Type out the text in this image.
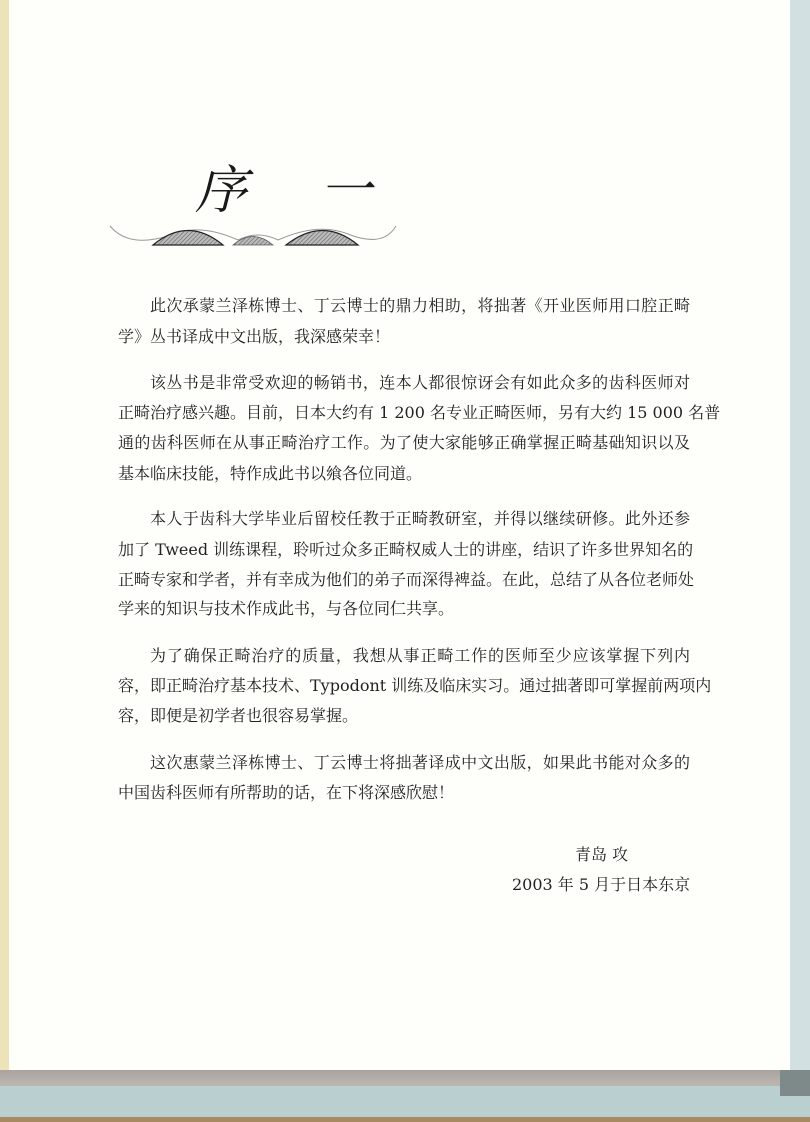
序 一
此次承蒙兰泽栋博士、丁云博士的鼎力相助，将拙著《开业医师用口腔正畸
学》丛书译成中文出版，我深感荣幸！
该丛书是非常受欢迎的畅销书，连本人都很惊讶会有如此众多的齿科医师对
正畸治疗感兴趣。目前，日本大约有 1 200 名专业正畸医师，另有大约 15 000 名普
通的齿科医师在从事正畸治疗工作。为了使大家能够正确掌握正畸基础知识以及
基本临床技能，特作成此书以飨各位同道。
本人于齿科大学毕业后留校任教于正畸教研室，并得以继续研修。此外还参
加了 Tweed 训练课程，聆听过众多正畸权威人士的讲座，结识了许多世界知名的
正畸专家和学者，并有幸成为他们的弟子而深得裨益。在此，总结了从各位老师处
学来的知识与技术作成此书，与各位同仁共享。
为了确保正畸治疗的质量，我想从事正畸工作的医师至少应该掌握下列内
容，即正畸治疗基本技术、Typodont 训练及临床实习。通过拙著即可掌握前两项内
容，即便是初学者也很容易掌握。
这次惠蒙兰泽栋博士、丁云博士将拙著译成中文出版，如果此书能对众多的
中国齿科医师有所帮助的话，在下将深感欣慰！
青岛 攻
2003 年 5 月于日本东京
